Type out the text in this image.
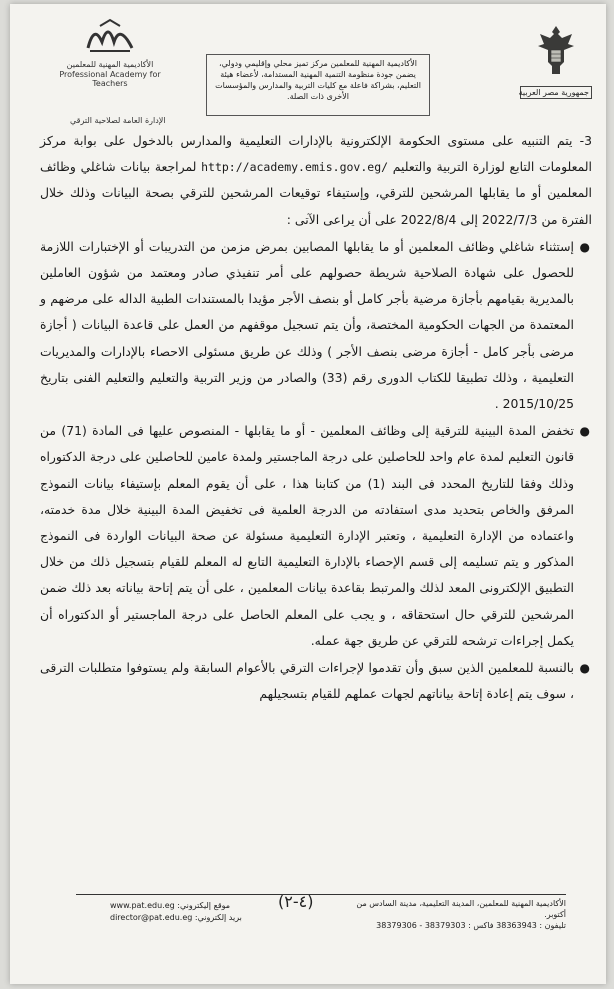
جمهورية مصر العربية
الأكاديمية المهنية للمعلمين مركز تميز محلي وإقليمي ودولي، يضمن جودة منظومة التنمية المهنية المستدامة، لأعضاء هيئة التعليم، بشراكة فاعلة مع كليات التربية والمدارس والمؤسسات الأخرى ذات الصلة.
الأكاديمية المهنية للمعلمين
Professional Academy for Teachers
الإدارة العامة لصلاحية الترقي

3- يتم التنبيه على مستوى الحكومة الإلكترونية بالإدارات التعليمية والمدارس بالدخول على بوابة مركز المعلومات التابع لوزارة التربية والتعليم http://academy.emis.gov.eg/ لمراجعة بيانات شاغلي وظائف المعلمين أو ما يقابلها المرشحين للترقي، وإستيفاء توقيعات المرشحين للترقي بصحة البيانات وذلك خلال الفترة من 2022/7/3 إلى 2022/8/4 على أن يراعى الآتى :

●
إستثناء شاغلي وظائف المعلمين أو ما يقابلها المصابين بمرض مزمن من التدريبات أو الإختبارات اللازمة للحصول على شهادة الصلاحية شريطة حصولهم على أمر تنفيذي صادر ومعتمد من شؤون العاملين بالمديرية بقيامهم بأجازة مرضية بأجر كامل أو بنصف الأجر مؤيدا بالمستندات الطبية الداله على مرضهم و المعتمدة من الجهات الحكومية المختصة، وأن يتم تسجيل موقفهم من العمل على قاعدة البيانات ( أجازة مرضى بأجر كامل - أجازة مرضى بنصف الأجر ) وذلك عن طريق مسئولى الاحصاء بالإدارات والمديريات التعليمية ، وذلك تطبيقا للكتاب الدورى رقم (33) والصادر من وزير التربية والتعليم والتعليم الفنى بتاريخ 2015/10/25 .

●
تخفض المدة البينية للترقية إلى وظائف المعلمين - أو ما يقابلها - المنصوص عليها فى المادة (71) من قانون التعليم لمدة عام واحد للحاصلين على درجة الماجستير ولمدة عامين للحاصلين على درجة الدكتوراه وذلك وفقا للتاريخ المحدد فى البند (1) من كتابنا هذا ، على أن يقوم المعلم بإستيفاء بيانات النموذج المرفق والخاص بتحديد مدى استفادته من الدرجة العلمية فى تخفيض المدة البينية خلال مدة خدمته، واعتماده من الإدارة التعليمية ، وتعتبر الإدارة التعليمية مسئولة عن صحة البيانات الواردة فى النموذج المذكور و يتم تسليمه إلى قسم الإحصاء بالإدارة التعليمية التابع له المعلم للقيام بتسجيل ذلك من خلال التطبيق الإلكترونى المعد لذلك والمرتبط بقاعدة بيانات المعلمين ، على أن يتم إتاحة بياناته بعد ذلك ضمن المرشحين للترقي حال استحقاقه ، و يجب على المعلم الحاصل على درجة الماجستير أو الدكتوراه أن يكمل إجراءات ترشحه للترقي عن طريق جهة عمله.

●
بالنسبة للمعلمين الذين سبق وأن تقدموا لإجراءات الترقي بالأعوام السابقة ولم يستوفوا متطلبات الترقى ، سوف يتم إعادة إتاحة بياناتهم لجهات عملهم للقيام بتسجيلهم

www.pat.edu.eg :موقع إليكتروني
director@pat.edu.eg :بريد إلكتروني
(٤-٢)	الأكاديمية المهنية للمعلمين، المدينة التعليمية، مدينة السادس من أكتوبر.
تليفون : 38363943 فاكس : 38379303 - 38379306
